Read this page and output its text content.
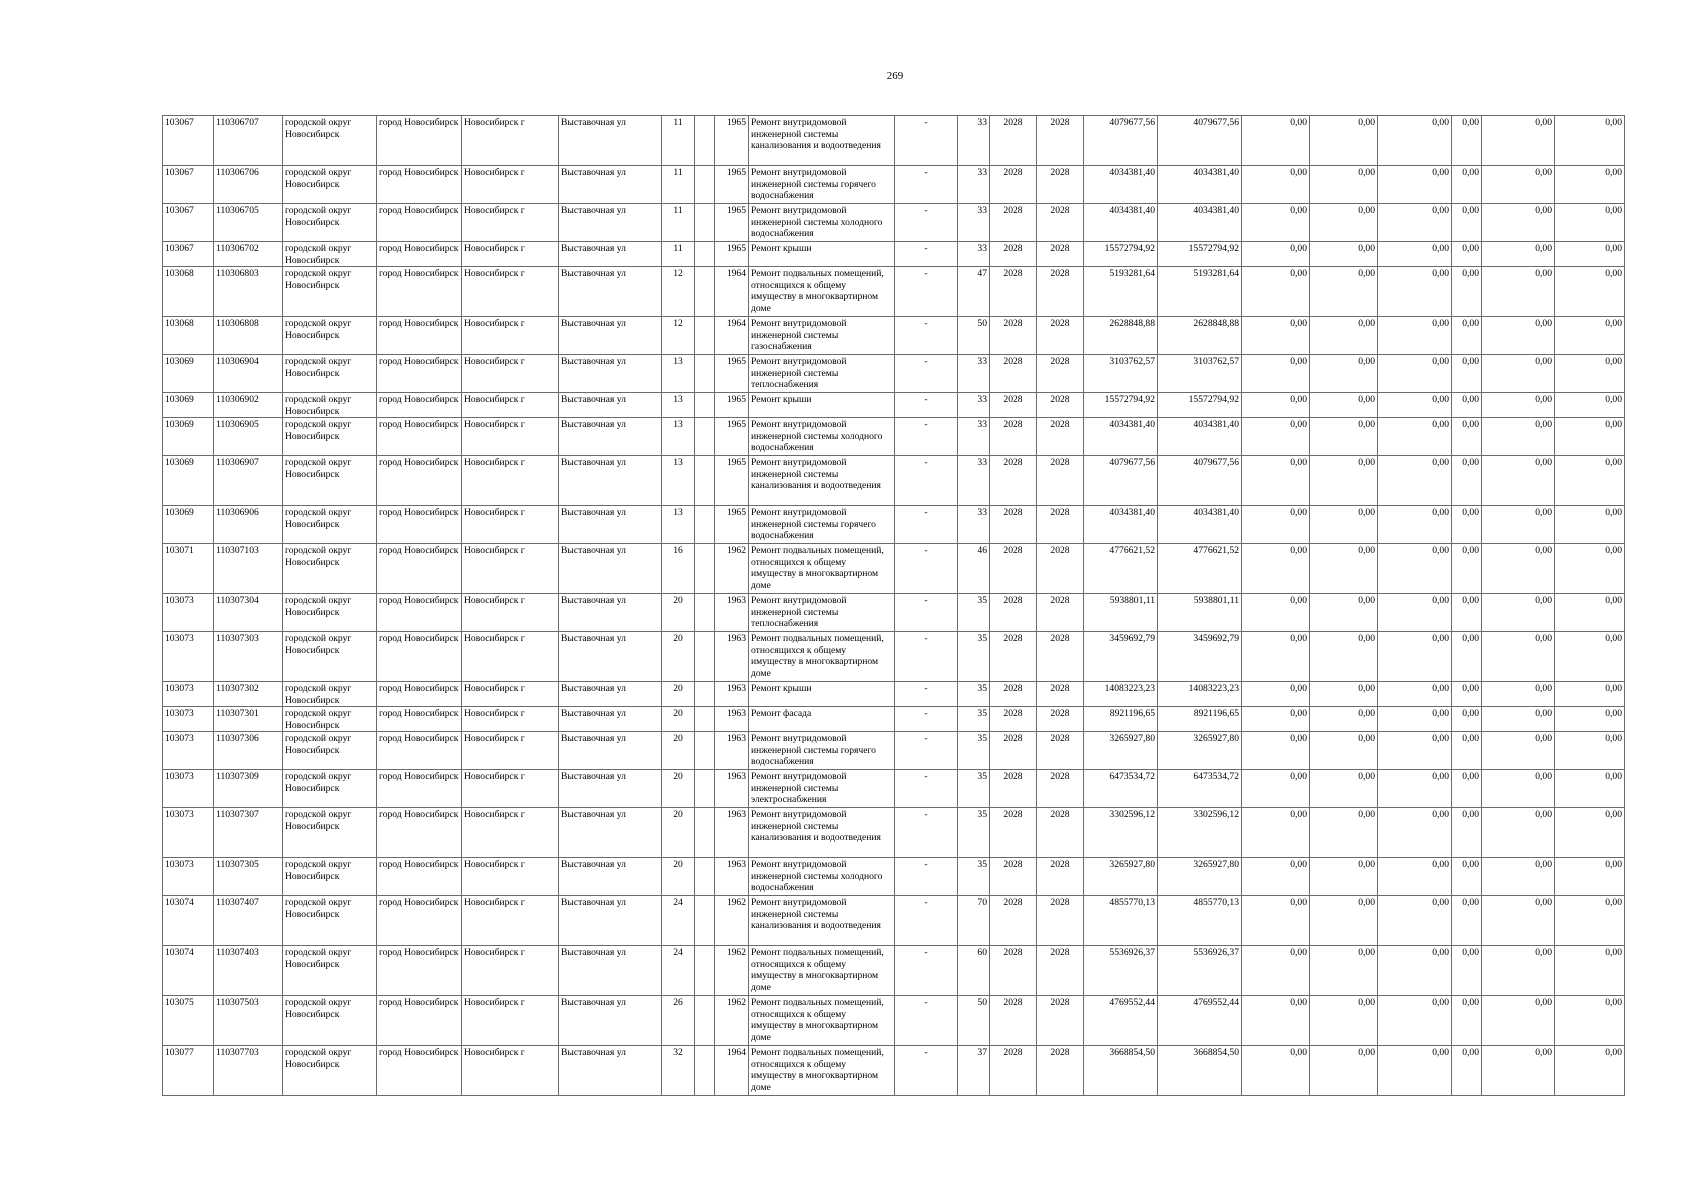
269
103067	110306707	городской округ Новосибирск	город Новосибирск	Новосибирск г	Выставочная ул	11		1965	Ремонт внутридомовой инженерной системы канализования и водоотведения	-	33	2028	2028	4079677,56	4079677,56	0,00	0,00	0,00	0,00	0,00	0,00
103067	110306706	городской округ Новосибирск	город Новосибирск	Новосибирск г	Выставочная ул	11		1965	Ремонт внутридомовой инженерной системы горячего водоснабжения	-	33	2028	2028	4034381,40	4034381,40	0,00	0,00	0,00	0,00	0,00	0,00
103067	110306705	городской округ Новосибирск	город Новосибирск	Новосибирск г	Выставочная ул	11		1965	Ремонт внутридомовой инженерной системы холодного водоснабжения	-	33	2028	2028	4034381,40	4034381,40	0,00	0,00	0,00	0,00	0,00	0,00
103067	110306702	городской округ Новосибирск	город Новосибирск	Новосибирск г	Выставочная ул	11		1965	Ремонт крыши	-	33	2028	2028	15572794,92	15572794,92	0,00	0,00	0,00	0,00	0,00	0,00
103068	110306803	городской округ Новосибирск	город Новосибирск	Новосибирск г	Выставочная ул	12		1964	Ремонт подвальных помещений, относящихся к общему имуществу в многоквартирном доме	-	47	2028	2028	5193281,64	5193281,64	0,00	0,00	0,00	0,00	0,00	0,00
103068	110306808	городской округ Новосибирск	город Новосибирск	Новосибирск г	Выставочная ул	12		1964	Ремонт внутридомовой инженерной системы газоснабжения	-	50	2028	2028	2628848,88	2628848,88	0,00	0,00	0,00	0,00	0,00	0,00
103069	110306904	городской округ Новосибирск	город Новосибирск	Новосибирск г	Выставочная ул	13		1965	Ремонт внутридомовой инженерной системы теплоснабжения	-	33	2028	2028	3103762,57	3103762,57	0,00	0,00	0,00	0,00	0,00	0,00
103069	110306902	городской округ Новосибирск	город Новосибирск	Новосибирск г	Выставочная ул	13		1965	Ремонт крыши	-	33	2028	2028	15572794,92	15572794,92	0,00	0,00	0,00	0,00	0,00	0,00
103069	110306905	городской округ Новосибирск	город Новосибирск	Новосибирск г	Выставочная ул	13		1965	Ремонт внутридомовой инженерной системы холодного водоснабжения	-	33	2028	2028	4034381,40	4034381,40	0,00	0,00	0,00	0,00	0,00	0,00
103069	110306907	городской округ Новосибирск	город Новосибирск	Новосибирск г	Выставочная ул	13		1965	Ремонт внутридомовой инженерной системы канализования и водоотведения	-	33	2028	2028	4079677,56	4079677,56	0,00	0,00	0,00	0,00	0,00	0,00
103069	110306906	городской округ Новосибирск	город Новосибирск	Новосибирск г	Выставочная ул	13		1965	Ремонт внутридомовой инженерной системы горячего водоснабжения	-	33	2028	2028	4034381,40	4034381,40	0,00	0,00	0,00	0,00	0,00	0,00
103071	110307103	городской округ Новосибирск	город Новосибирск	Новосибирск г	Выставочная ул	16		1962	Ремонт подвальных помещений, относящихся к общему имуществу в многоквартирном доме	-	46	2028	2028	4776621,52	4776621,52	0,00	0,00	0,00	0,00	0,00	0,00
103073	110307304	городской округ Новосибирск	город Новосибирск	Новосибирск г	Выставочная ул	20		1963	Ремонт внутридомовой инженерной системы теплоснабжения	-	35	2028	2028	5938801,11	5938801,11	0,00	0,00	0,00	0,00	0,00	0,00
103073	110307303	городской округ Новосибирск	город Новосибирск	Новосибирск г	Выставочная ул	20		1963	Ремонт подвальных помещений, относящихся к общему имуществу в многоквартирном доме	-	35	2028	2028	3459692,79	3459692,79	0,00	0,00	0,00	0,00	0,00	0,00
103073	110307302	городской округ Новосибирск	город Новосибирск	Новосибирск г	Выставочная ул	20		1963	Ремонт крыши	-	35	2028	2028	14083223,23	14083223,23	0,00	0,00	0,00	0,00	0,00	0,00
103073	110307301	городской округ Новосибирск	город Новосибирск	Новосибирск г	Выставочная ул	20		1963	Ремонт фасада	-	35	2028	2028	8921196,65	8921196,65	0,00	0,00	0,00	0,00	0,00	0,00
103073	110307306	городской округ Новосибирск	город Новосибирск	Новосибирск г	Выставочная ул	20		1963	Ремонт внутридомовой инженерной системы горячего водоснабжения	-	35	2028	2028	3265927,80	3265927,80	0,00	0,00	0,00	0,00	0,00	0,00
103073	110307309	городской округ Новосибирск	город Новосибирск	Новосибирск г	Выставочная ул	20		1963	Ремонт внутридомовой инженерной системы электроснабжения	-	35	2028	2028	6473534,72	6473534,72	0,00	0,00	0,00	0,00	0,00	0,00
103073	110307307	городской округ Новосибирск	город Новосибирск	Новосибирск г	Выставочная ул	20		1963	Ремонт внутридомовой инженерной системы канализования и водоотведения	-	35	2028	2028	3302596,12	3302596,12	0,00	0,00	0,00	0,00	0,00	0,00
103073	110307305	городской округ Новосибирск	город Новосибирск	Новосибирск г	Выставочная ул	20		1963	Ремонт внутридомовой инженерной системы холодного водоснабжения	-	35	2028	2028	3265927,80	3265927,80	0,00	0,00	0,00	0,00	0,00	0,00
103074	110307407	городской округ Новосибирск	город Новосибирск	Новосибирск г	Выставочная ул	24		1962	Ремонт внутридомовой инженерной системы канализования и водоотведения	-	70	2028	2028	4855770,13	4855770,13	0,00	0,00	0,00	0,00	0,00	0,00
103074	110307403	городской округ Новосибирск	город Новосибирск	Новосибирск г	Выставочная ул	24		1962	Ремонт подвальных помещений, относящихся к общему имуществу в многоквартирном доме	-	60	2028	2028	5536926,37	5536926,37	0,00	0,00	0,00	0,00	0,00	0,00
103075	110307503	городской округ Новосибирск	город Новосибирск	Новосибирск г	Выставочная ул	26		1962	Ремонт подвальных помещений, относящихся к общему имуществу в многоквартирном доме	-	50	2028	2028	4769552,44	4769552,44	0,00	0,00	0,00	0,00	0,00	0,00
103077	110307703	городской округ Новосибирск	город Новосибирск	Новосибирск г	Выставочная ул	32		1964	Ремонт подвальных помещений, относящихся к общему имуществу в многоквартирном доме	-	37	2028	2028	3668854,50	3668854,50	0,00	0,00	0,00	0,00	0,00	0,00
